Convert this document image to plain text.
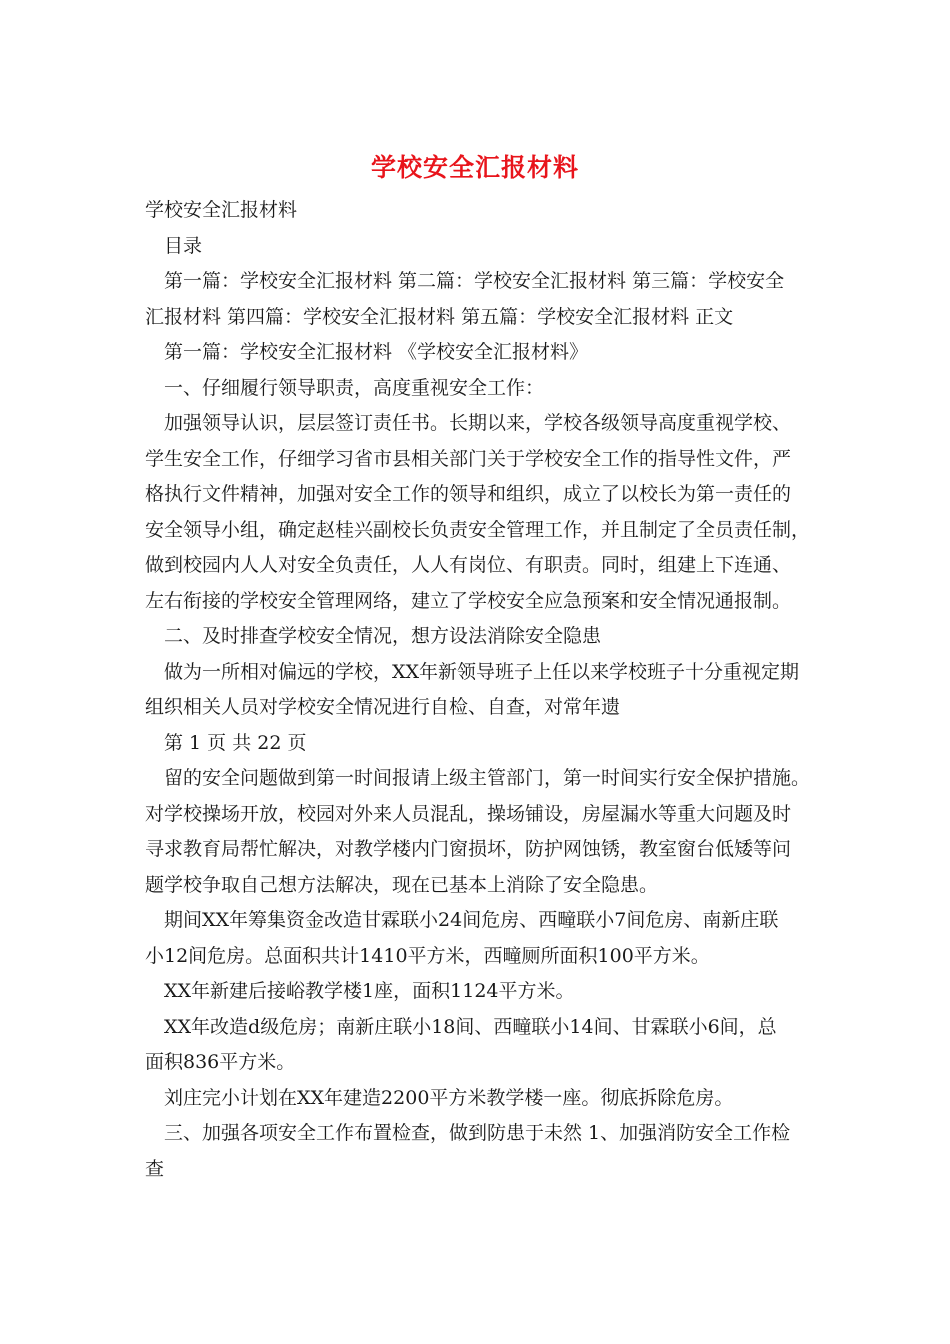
学校安全汇报材料
学校安全汇报材料
目录
第一篇：学校安全汇报材料 第二篇：学校安全汇报材料 第三篇：学校安全
汇报材料 第四篇：学校安全汇报材料 第五篇：学校安全汇报材料 正文
第一篇：学校安全汇报材料 《学校安全汇报材料》
一、仔细履行领导职责，高度重视安全工作：
加强领导认识，层层签订责任书。长期以来，学校各级领导高度重视学校、
学生安全工作，仔细学习省市县相关部门关于学校安全工作的指导性文件，严
格执行文件精神，加强对安全工作的领导和组织，成立了以校长为第一责任的
安全领导小组，确定赵桂兴副校长负责安全管理工作，并且制定了全员责任制，
做到校园内人人对安全负责任，人人有岗位、有职责。同时，组建上下连通、
左右衔接的学校安全管理网络，建立了学校安全应急预案和安全情况通报制。
二、及时排查学校安全情况，想方设法消除安全隐患
做为一所相对偏远的学校，XX年新领导班子上任以来学校班子十分重视定期
组织相关人员对学校安全情况进行自检、自查，对常年遗
第 1 页 共 22 页
留的安全问题做到第一时间报请上级主管部门，第一时间实行安全保护措施。
对学校操场开放，校园对外来人员混乱，操场铺设，房屋漏水等重大问题及时
寻求教育局帮忙解决，对教学楼内门窗损坏，防护网蚀锈，教室窗台低矮等问
题学校争取自己想方法解决，现在已基本上消除了安全隐患。
期间XX年筹集资金改造甘霖联小24间危房、西疃联小7间危房、南新庄联
小12间危房。总面积共计1410平方米，西疃厕所面积100平方米。
XX年新建后接峪教学楼1座，面积1124平方米。
XX年改造d级危房；南新庄联小18间、西疃联小14间、甘霖联小6间，总
面积836平方米。
刘庄完小计划在XX年建造2200平方米教学楼一座。彻底拆除危房。
三、加强各项安全工作布置检查，做到防患于未然 1、加强消防安全工作检
查
